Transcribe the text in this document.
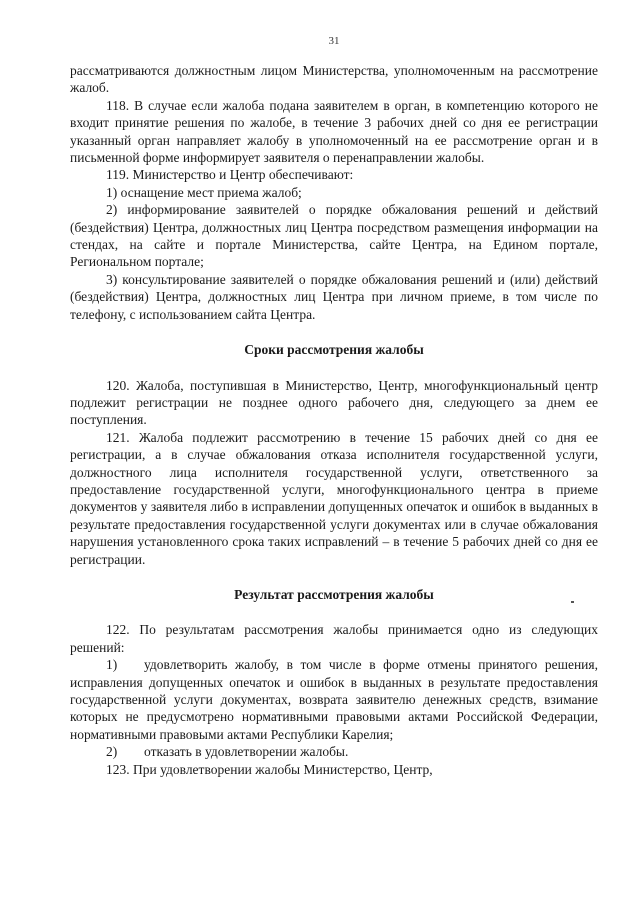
31

рассматриваются должностным лицом Министерства, уполномоченным на рассмотрение жалоб.

118. В случае если жалоба подана заявителем в орган, в компетенцию которого не входит принятие решения по жалобе, в течение 3 рабочих дней со дня ее регистрации указанный орган направляет жалобу в уполномоченный на ее рассмотрение орган и в письменной форме информирует заявителя о перенаправлении жалобы.

119. Министерство и Центр обеспечивают:

1) оснащение мест приема жалоб;

2) информирование заявителей о порядке обжалования решений и действий (бездействия) Центра, должностных лиц Центра посредством размещения информации на стендах, на сайте и портале Министерства, сайте Центра, на Едином портале, Региональном портале;

3) консультирование заявителей о порядке обжалования решений и (или) действий (бездействия) Центра, должностных лиц Центра при личном приеме, в том числе по телефону, с использованием сайта Центра.

Сроки рассмотрения жалобы

120. Жалоба, поступившая в Министерство, Центр, многофункциональный центр подлежит регистрации не позднее одного рабочего дня, следующего за днем ее поступления.

121. Жалоба подлежит рассмотрению в течение 15 рабочих дней со дня ее регистрации, а в случае обжалования отказа исполнителя государственной услуги, должностного лица исполнителя государственной услуги, ответственного за предоставление государственной услуги, многофункционального центра в приеме документов у заявителя либо в исправлении допущенных опечаток и ошибок в выданных в результате предоставления государственной услуги документах или в случае обжалования нарушения установленного срока таких исправлений – в течение 5 рабочих дней со дня ее регистрации.

Результат рассмотрения жалобы

122. По результатам рассмотрения жалобы принимается одно из следующих решений:

1) удовлетворить жалобу, в том числе в форме отмены принятого решения, исправления допущенных опечаток и ошибок в выданных в результате предоставления государственной услуги документах, возврата заявителю денежных средств, взимание которых не предусмотрено нормативными правовыми актами Российской Федерации, нормативными правовыми актами Республики Карелия;

2) отказать в удовлетворении жалобы.

123. При удовлетворении жалобы Министерство, Центр,
